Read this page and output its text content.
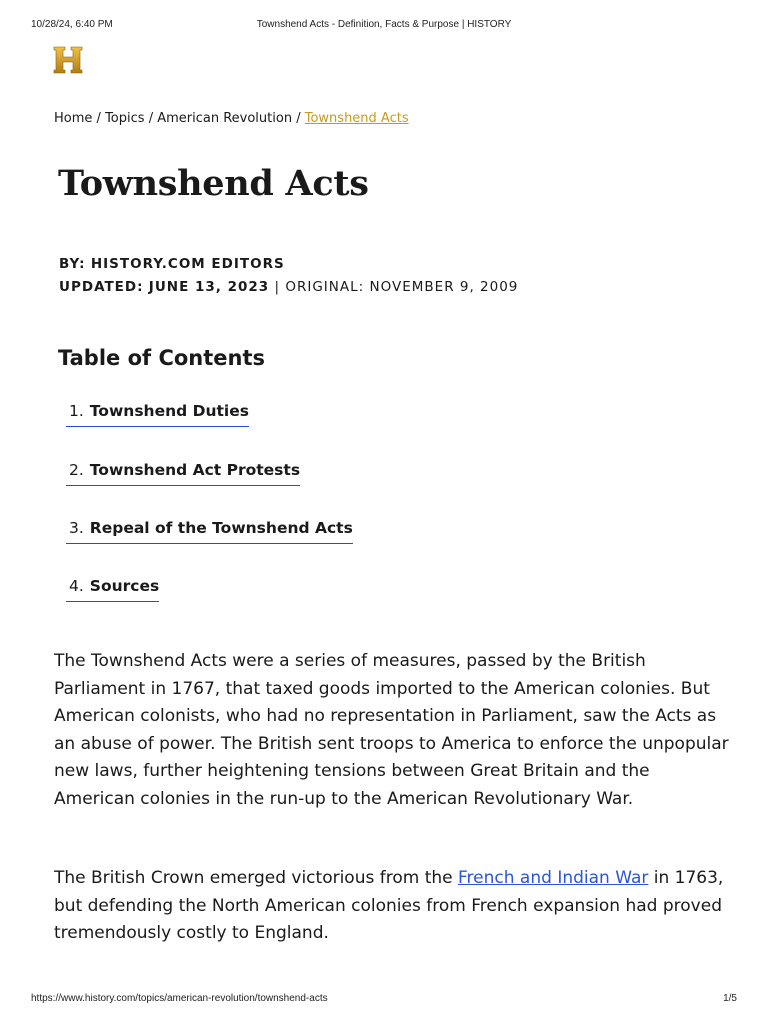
10/28/24, 6:40 PM	Townshend Acts - Definition, Facts & Purpose | HISTORY
Home / Topics / American Revolution / Townshend Acts
Townshend Acts
BY: HISTORY.COM EDITORS
UPDATED: JUNE 13, 2023 | ORIGINAL: NOVEMBER 9, 2009
Table of Contents
1. Townshend Duties
2. Townshend Act Protests
3. Repeal of the Townshend Acts
4. Sources

The Townshend Acts were a series of measures, passed by the British Parliament in 1767, that taxed goods imported to the American colonies. But American colonists, who had no representation in Parliament, saw the Acts as an abuse of power. The British sent troops to America to enforce the unpopular new laws, further heightening tensions between Great Britain and the American colonies in the run-up to the American Revolutionary War.

The British Crown emerged victorious from the French and Indian War in 1763, but defending the North American colonies from French expansion had proved tremendously costly to England.

https://www.history.com/topics/american-revolution/townshend-acts	1/5
